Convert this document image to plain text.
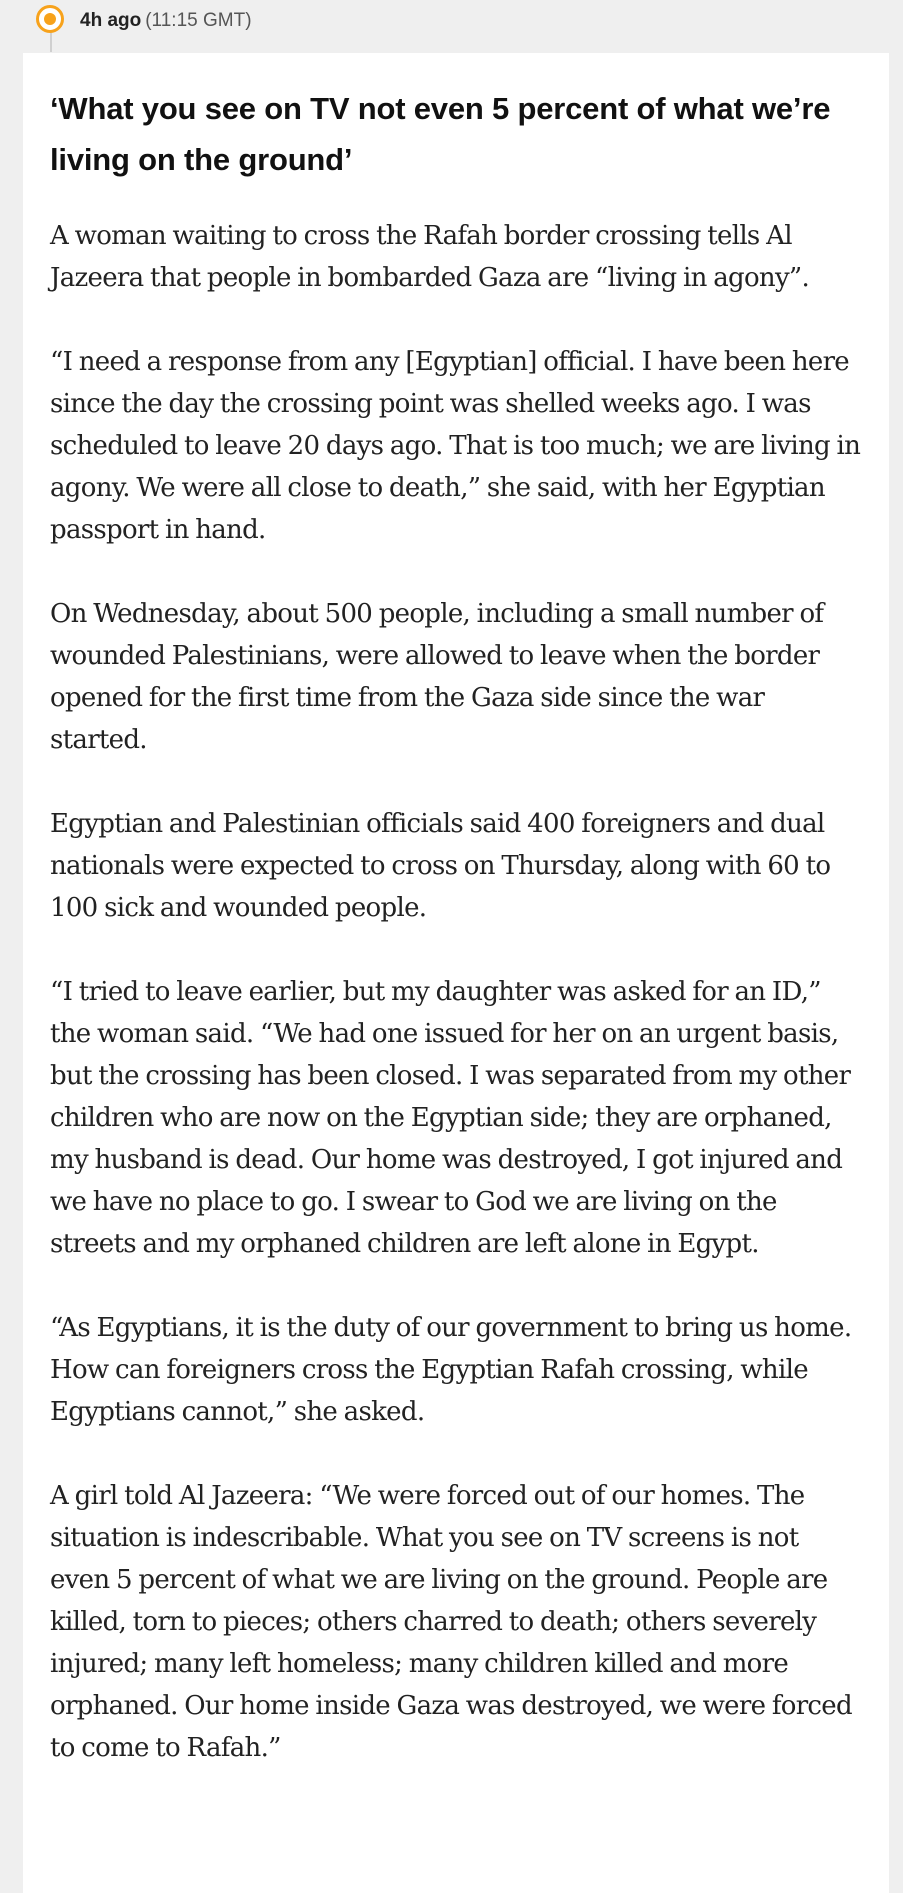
4h ago (11:15 GMT)
‘What you see on TV not even 5 percent of what we’re living on the ground’

A woman waiting to cross the Rafah border crossing tells Al Jazeera that people in bombarded Gaza are “living in agony”.

“I need a response from any [Egyptian] official. I have been here since the day the crossing point was shelled weeks ago. I was scheduled to leave 20 days ago. That is too much; we are living in agony. We were all close to death,” she said, with her Egyptian passport in hand.

On Wednesday, about 500 people, including a small number of wounded Palestinians, were allowed to leave when the border opened for the first time from the Gaza side since the war started.

Egyptian and Palestinian officials said 400 foreigners and dual nationals were expected to cross on Thursday, along with 60 to 100 sick and wounded people.

“I tried to leave earlier, but my daughter was asked for an ID,” the woman said. “We had one issued for her on an urgent basis, but the crossing has been closed. I was separated from my other children who are now on the Egyptian side; they are orphaned, my husband is dead. Our home was destroyed, I got injured and we have no place to go. I swear to God we are living on the streets and my orphaned children are left alone in Egypt.

“As Egyptians, it is the duty of our government to bring us home. How can foreigners cross the Egyptian Rafah crossing, while Egyptians cannot,” she asked.

A girl told Al Jazeera: “We were forced out of our homes. The situation is indescribable. What you see on TV screens is not even 5 percent of what we are living on the ground. People are killed, torn to pieces; others charred to death; others severely injured; many left homeless; many children killed and more orphaned. Our home inside Gaza was destroyed, we were forced to come to Rafah.”
